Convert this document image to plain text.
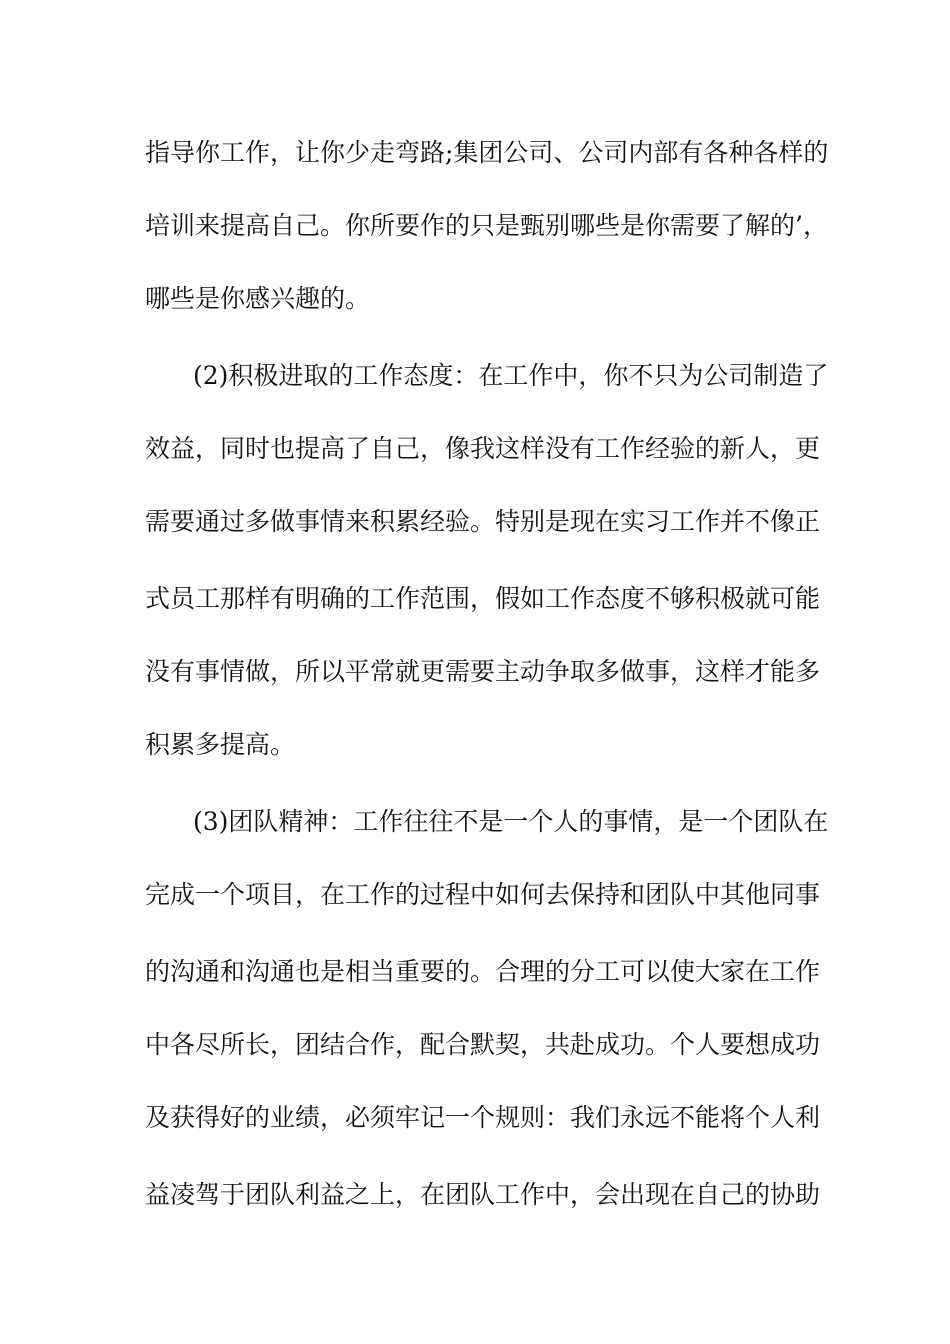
指导你工作，让你少走弯路;集团公司、公司内部有各种各样的
培训来提高自己。你所要作的只是甄别哪些是你需要了解的’，
哪些是你感兴趣的。
(2)积极进取的工作态度：在工作中，你不只为公司制造了
效益，同时也提高了自己，像我这样没有工作经验的新人，更
需要通过多做事情来积累经验。特别是现在实习工作并不像正
式员工那样有明确的工作范围，假如工作态度不够积极就可能
没有事情做，所以平常就更需要主动争取多做事，这样才能多
积累多提高。
(3)团队精神：工作往往不是一个人的事情，是一个团队在
完成一个项目，在工作的过程中如何去保持和团队中其他同事
的沟通和沟通也是相当重要的。合理的分工可以使大家在工作
中各尽所长，团结合作，配合默契，共赴成功。个人要想成功
及获得好的业绩，必须牢记一个规则：我们永远不能将个人利
益凌驾于团队利益之上，在团队工作中，会出现在自己的协助
